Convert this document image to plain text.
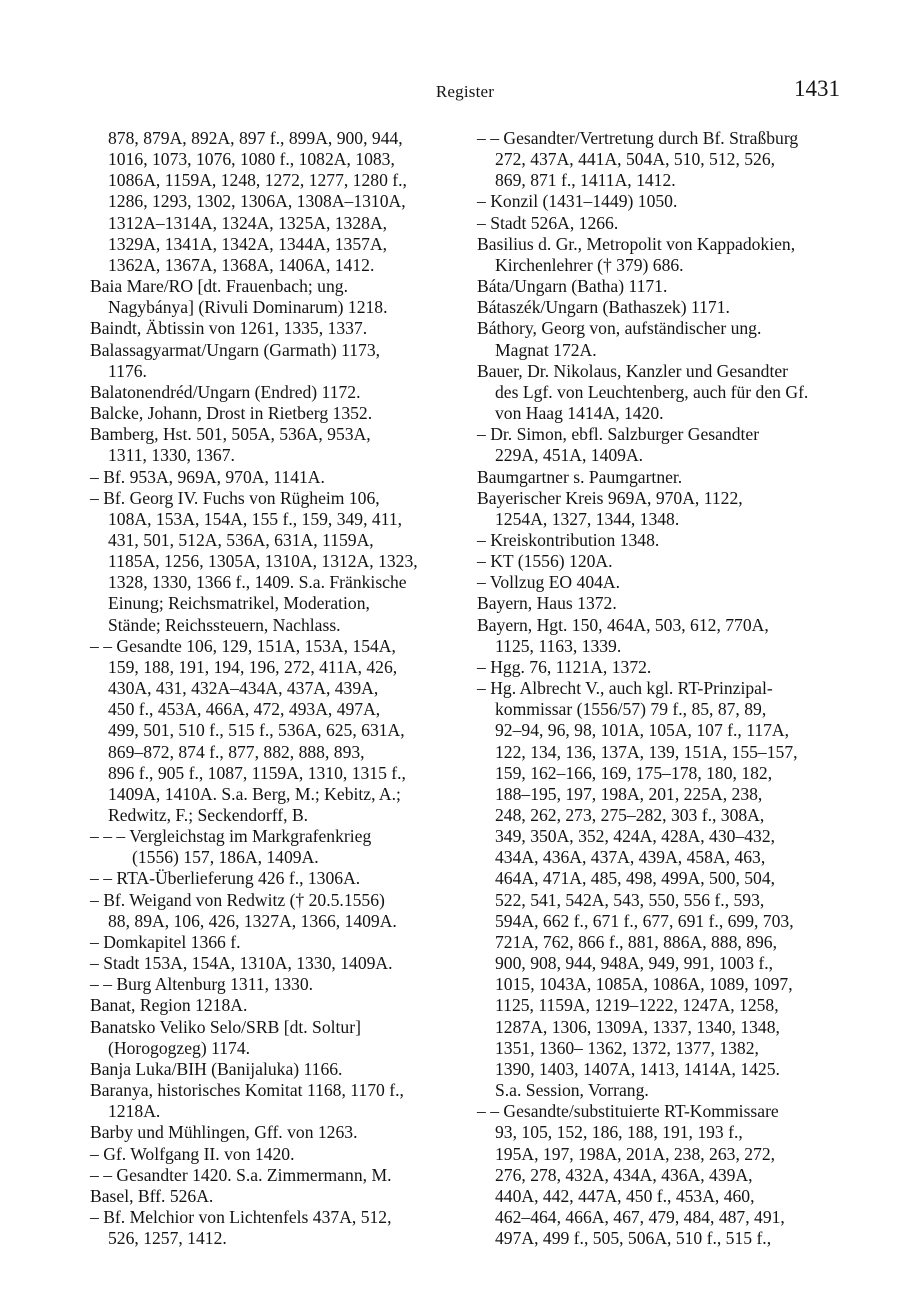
Register	1431
878, 879A, 892A, 897 f., 899A, 900, 944,
1016, 1073, 1076, 1080 f., 1082A, 1083,
1086A, 1159A, 1248, 1272, 1277, 1280 f.,
1286, 1293, 1302, 1306A, 1308A–1310A,
1312A–1314A, 1324A, 1325A, 1328A,
1329A, 1341A, 1342A, 1344A, 1357A,
1362A, 1367A, 1368A, 1406A, 1412.
Baia Mare/RO [dt. Frauenbach; ung.
Nagybánya] (Rivuli Dominarum) 1218.
Baindt, Äbtissin von 1261, 1335, 1337.
Balassagyarmat/Ungarn (Garmath) 1173,
1176.
Balatonendréd/Ungarn (Endred) 1172.
Balcke, Johann, Drost in Rietberg 1352.
Bamberg, Hst. 501, 505A, 536A, 953A,
1311, 1330, 1367.
– Bf. 953A, 969A, 970A, 1141A.
– Bf. Georg IV. Fuchs von Rügheim 106,
108A, 153A, 154A, 155 f., 159, 349, 411,
431, 501, 512A, 536A, 631A, 1159A,
1185A, 1256, 1305A, 1310A, 1312A, 1323,
1328, 1330, 1366 f., 1409. S.a. Fränkische
Einung; Reichsmatrikel, Moderation,
Stände; Reichssteuern, Nachlass.
– – Gesandte 106, 129, 151A, 153A, 154A,
159, 188, 191, 194, 196, 272, 411A, 426,
430A, 431, 432A–434A, 437A, 439A,
450 f., 453A, 466A, 472, 493A, 497A,
499, 501, 510 f., 515 f., 536A, 625, 631A,
869–872, 874 f., 877, 882, 888, 893,
896 f., 905 f., 1087, 1159A, 1310, 1315 f.,
1409A, 1410A. S.a. Berg, M.; Kebitz, A.;
Redwitz, F.; Seckendorff, B.
– – – Vergleichstag im Markgrafenkrieg
(1556) 157, 186A, 1409A.
– – RTA-Überlieferung 426 f., 1306A.
– Bf. Weigand von Redwitz († 20.5.1556)
88, 89A, 106, 426, 1327A, 1366, 1409A.
– Domkapitel 1366 f.
– Stadt 153A, 154A, 1310A, 1330, 1409A.
– – Burg Altenburg 1311, 1330.
Banat, Region 1218A.
Banatsko Veliko Selo/SRB [dt. Soltur]
(Horogogzeg) 1174.
Banja Luka/BIH (Banijaluka) 1166.
Baranya, historisches Komitat 1168, 1170 f.,
1218A.
Barby und Mühlingen, Gff. von 1263.
– Gf. Wolfgang II. von 1420.
– – Gesandter 1420. S.a. Zimmermann, M.
Basel, Bff. 526A.
– Bf. Melchior von Lichtenfels 437A, 512,
526, 1257, 1412.
– – Gesandter/Vertretung durch Bf. Straßburg
272, 437A, 441A, 504A, 510, 512, 526,
869, 871 f., 1411A, 1412.
– Konzil (1431–1449) 1050.
– Stadt 526A, 1266.
Basilius d. Gr., Metropolit von Kappadokien,
Kirchenlehrer († 379) 686.
Báta/Ungarn (Batha) 1171.
Bátaszék/Ungarn (Bathaszek) 1171.
Báthory, Georg von, aufständischer ung.
Magnat 172A.
Bauer, Dr. Nikolaus, Kanzler und Gesandter
des Lgf. von Leuchtenberg, auch für den Gf.
von Haag 1414A, 1420.
– Dr. Simon, ebfl. Salzburger Gesandter
229A, 451A, 1409A.
Baumgartner s. Paumgartner.
Bayerischer Kreis 969A, 970A, 1122,
1254A, 1327, 1344, 1348.
– Kreiskontribution 1348.
– KT (1556) 120A.
– Vollzug EO 404A.
Bayern, Haus 1372.
Bayern, Hgt. 150, 464A, 503, 612, 770A,
1125, 1163, 1339.
– Hgg. 76, 1121A, 1372.
– Hg. Albrecht V., auch kgl. RT-Prinzipal-
kommissar (1556/57) 79 f., 85, 87, 89,
92–94, 96, 98, 101A, 105A, 107 f., 117A,
122, 134, 136, 137A, 139, 151A, 155–157,
159, 162–166, 169, 175–178, 180, 182,
188–195, 197, 198A, 201, 225A, 238,
248, 262, 273, 275–282, 303 f., 308A,
349, 350A, 352, 424A, 428A, 430–432,
434A, 436A, 437A, 439A, 458A, 463,
464A, 471A, 485, 498, 499A, 500, 504,
522, 541, 542A, 543, 550, 556 f., 593,
594A, 662 f., 671 f., 677, 691 f., 699, 703,
721A, 762, 866 f., 881, 886A, 888, 896,
900, 908, 944, 948A, 949, 991, 1003 f.,
1015, 1043A, 1085A, 1086A, 1089, 1097,
1125, 1159A, 1219–1222, 1247A, 1258,
1287A, 1306, 1309A, 1337, 1340, 1348,
1351, 1360– 1362, 1372, 1377, 1382,
1390, 1403, 1407A, 1413, 1414A, 1425.
S.a. Session, Vorrang.
– – Gesandte/substituierte RT-Kommissare
93, 105, 152, 186, 188, 191, 193 f.,
195A, 197, 198A, 201A, 238, 263, 272,
276, 278, 432A, 434A, 436A, 439A,
440A, 442, 447A, 450 f., 453A, 460,
462–464, 466A, 467, 479, 484, 487, 491,
497A, 499 f., 505, 506A, 510 f., 515 f.,
